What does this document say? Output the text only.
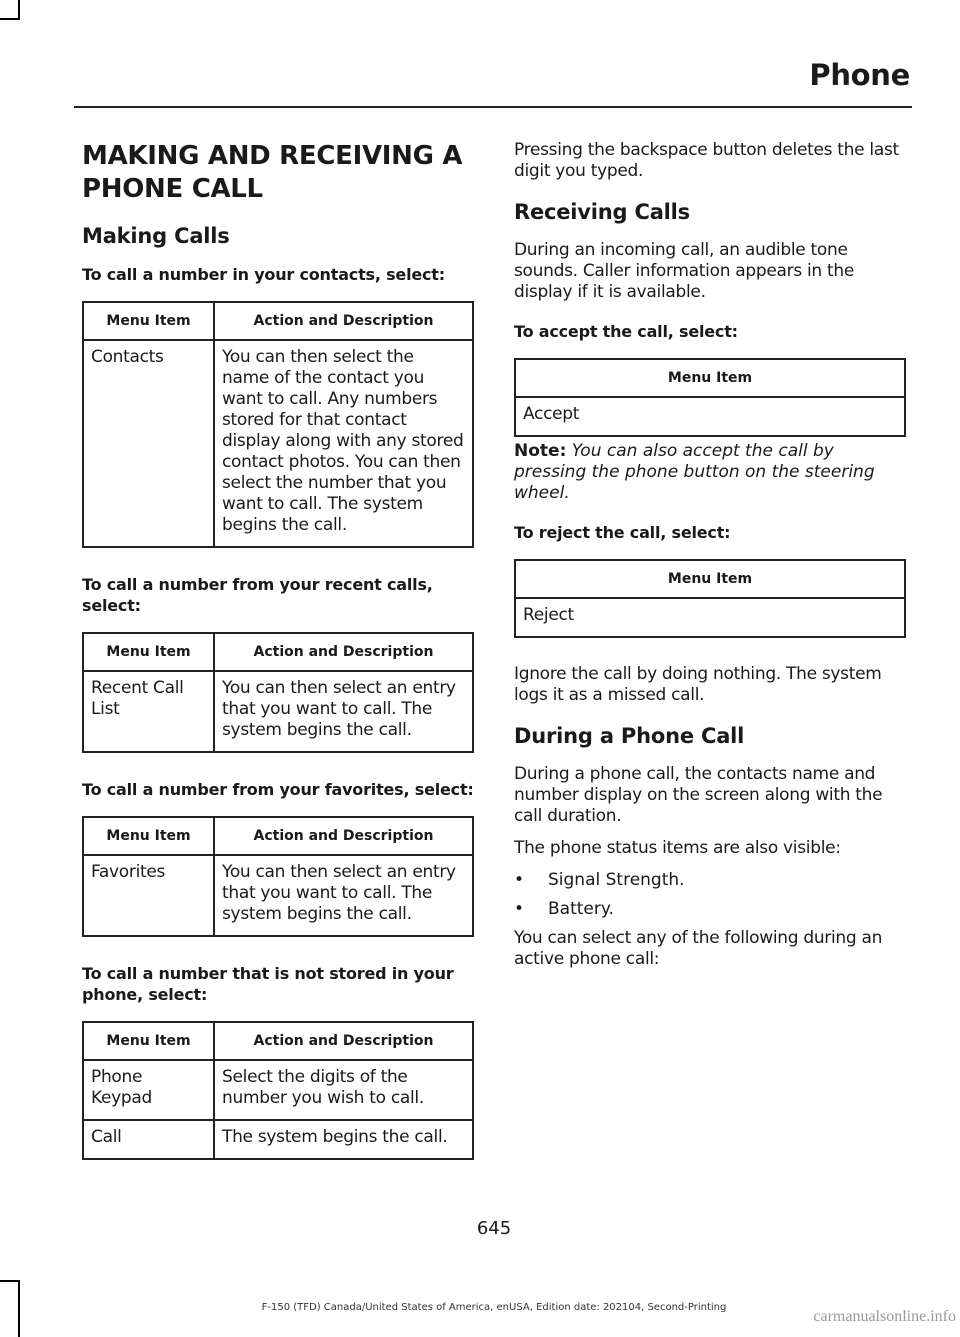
Phone
MAKING AND RECEIVING A
PHONE CALL
Making Calls
To call a number in your contacts, select:
Menu Item	Action and Description
Contacts	You can then select the name of the contact you want to call. Any numbers stored for that contact display along with any stored contact photos. You can then select the number that you want to call. The system begins the call.
To call a number from your recent calls, select:
Menu Item	Action and Description
Recent Call List	You can then select an entry that you want to call. The system begins the call.
To call a number from your favorites, select:
Menu Item	Action and Description
Favorites	You can then select an entry that you want to call. The system begins the call.
To call a number that is not stored in your phone, select:
Menu Item	Action and Description
Phone Keypad	Select the digits of the number you wish to call.
Call	The system begins the call.

Pressing the backspace button deletes the last digit you typed.

Receiving Calls

During an incoming call, an audible tone sounds. Caller information appears in the display if it is available.

To accept the call, select:
Menu Item
Accept
Note: You can also accept the call by pressing the phone button on the steering wheel.
To reject the call, select:
Menu Item
Reject

Ignore the call by doing nothing. The system logs it as a missed call.

During a Phone Call

During a phone call, the contacts name and number display on the screen along with the call duration.

The phone status items are also visible:

•	Signal Strength.
•	Battery.

You can select any of the following during an active phone call:

645
F-150 (TFD) Canada/United States of America, enUSA, Edition date: 202104, Second-Printing
carmanualsonline.info
